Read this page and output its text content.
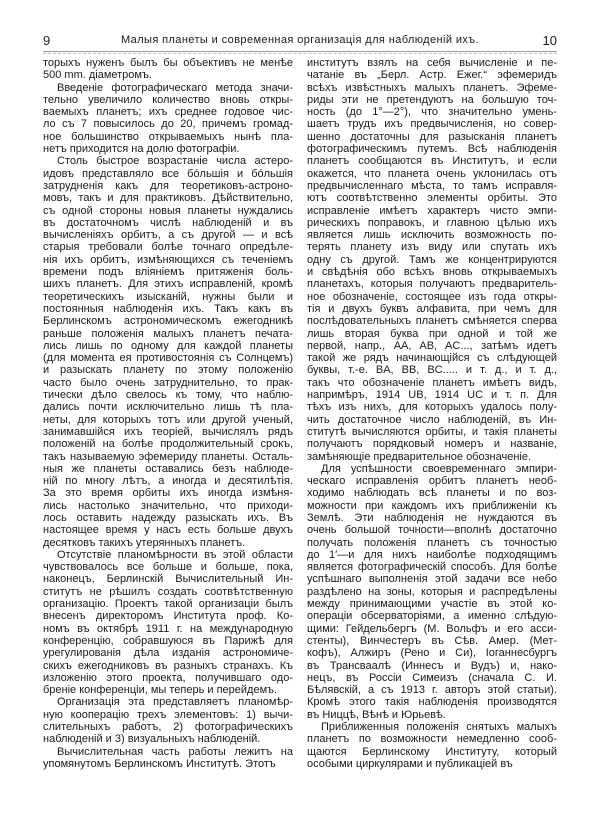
9	Малыя планеты и современная организація для наблюденій ихъ.	10
торыхъ нуженъ былъ бы объективъ не менѣе
500 mm. діаметромъ.
Введеніе фотографическаго метода значи-
тельно увеличило количество вновь откры-
ваемыхъ планетъ; ихъ среднее годовое чис-
ло съ 7 повысилось до 20, причемъ громад-
ное большинство открываемыхъ нынѣ пла-
нетъ приходится на долю фотографіи.
Столь быстрое возрастаніе числа астеро-
идовъ представляло все бóльшія и бóльшія
затрудненія какъ для теоретиковъ-астроно-
мовъ, такъ и для практиковъ. Дѣйствительно,
съ одной стороны новыя планеты нуждались
въ достаточномъ числѣ наблюденій и въ
вычисленіяхъ орбитъ, а съ другой — и всѣ
старыя требовали болѣе точнаго опредѣле-
нія ихъ орбитъ, измѣняющихся съ теченіемъ
времени подъ вліяніемъ притяженія боль-
шихъ планетъ. Для этихъ исправленій, кромѣ
теоретическихъ изысканій, нужны были и
постоянныя наблюденія ихъ. Такъ какъ въ
Берлинскомъ астрономическомъ ежегодникѣ
раньше положенія малыхъ планетъ печата-
лись лишь по одному для каждой планеты
(для момента ея противостоянія съ Солнцемъ)
и разыскать планету по этому положенію
часто было очень затруднительно, то прак-
тически дѣло свелось къ тому, что наблю-
дались почти исключительно лишь тѣ пла-
неты, для которыхъ тотъ или другой ученый,
занимавшійся ихъ теоріей, вычислялъ рядъ
положеній на болѣе продолжительный срокъ,
такъ называемую эфемериду планеты. Осталь-
ныя же планеты оставались безъ наблюде-
ній по многу лѣтъ, а иногда и десятилѣтія.
За это время орбиты ихъ иногда измѣня-
лись настолько значительно, что приходи-
лось оставить надежду разыскать ихъ. Въ
настоящее время у насъ есть больше двухъ
десятковъ такихъ утерянныхъ планетъ.
Отсутствіе планомѣрности въ этой области
чувствовалось все больше и больше, пока,
наконецъ, Берлинскій Вычислительный Ин-
ститутъ не рѣшилъ создать соотвѣтственную
организацію. Проектъ такой организаціи былъ
внесенъ директоромъ Института проф. Ко-
номъ въ октябрѣ 1911 г. на международную
конференцію, собравшуюся въ Парижѣ для
урегулированія дѣла изданія астрономиче-
скихъ ежегодниковъ въ разныхъ странахъ. Къ
изложенію этого проекта, получившаго одо-
бреніе конференціи, мы теперь и перейдемъ.
Организація эта представляетъ планомѣр-
ную кооперацію трехъ элементовъ: 1) вычи-
слительныхъ работъ, 2) фотографическихъ
наблюденій и 3) визуальныхъ наблюденій.
Вычислительная часть работы лежитъ на
упомянутомъ Берлинскомъ Институтѣ. Этотъ
институтъ взялъ на себя вычисленіе и пе-
чатаніе въ „Берл. Астр. Ежег.“ эфемеридъ
всѣхъ извѣстныхъ малыхъ планетъ. Эфеме-
риды эти не претендуютъ на большую точ-
ность (до 1°—2°), что значительно умень-
шаетъ трудъ ихъ предвычисленія, но совер-
шенно достаточны для разысканія планетъ
фотографическимъ путемъ. Всѣ наблюденія
планетъ сообщаются въ Институтъ, и если
окажется, что планета очень уклонилась отъ
предвычисленнаго мѣста, то тамъ исправля-
ютъ соотвѣтственно элементы орбиты. Это
исправленіе имѣетъ характеръ чисто эмпи-
рическихъ поправокъ, и главною цѣлью ихъ
является лишь исключить возможность по-
терять планету изъ виду или спутать ихъ
одну съ другой. Тамъ же концентрируются
и свѣдѣнія обо всѣхъ вновь открываемыхъ
планетахъ, которыя получаютъ предваритель-
ное обозначеніе, состоящее изъ года откры-
тія и двухъ буквъ алфавита, при чемъ для
послѣдовательныхъ планетъ смѣняется сперва
лишь вторая буква при одной и той же
первой, напр., AA, AB, AC..., затѣмъ идетъ
такой же рядъ начинающійся съ слѣдующей
буквы, т.-е. BA, BB, BC..... и т. д., и т. д.,
такъ что обозначеніе планетъ имѣетъ видъ,
напримѣръ, 1914 UB, 1914 UC и т. п. Для
тѣхъ изъ нихъ, для которыхъ удалось полу-
чить достаточное число наблюденій, въ Ин-
ститутѣ вычисляются орбиты, и такія планеты
получаютъ порядковый номеръ и названіе,
замѣняющіе предварительное обозначеніе.
Для успѣшности своевременнаго эмпири-
ческаго исправленія орбитъ планетъ необ-
ходимо наблюдать всѣ планеты и по воз-
можности при каждомъ ихъ приближеніи къ
Землѣ. Эти наблюденія не нуждаются въ
очень большой точности—вполнѣ достаточно
получать положенія планетъ съ точностью
до 1′—и для нихъ наиболѣе подходящимъ
является фотографическій способъ. Для болѣе
успѣшнаго выполненія этой задачи все небо
раздѣлено на зоны, которыя и распредѣлены
между принимающими участіе въ этой ко-
операціи обсерваторіями, а именно слѣдую-
щими: Гейдельбергъ (М. Вольфъ и его асси-
стенты), Винчестеръ въ Сѣв. Амер. (Мет-
кофъ), Алжиръ (Рено и Си), Іоганнесбургъ
въ Трансваалѣ (Иннесъ и Вудъ) и, нако-
нецъ, въ Россіи Симеизъ (сначала С. И.
Бѣлявскій, а съ 1913 г. авторъ этой статьи).
Кромѣ этого такія наблюденія производятся
въ Ниццѣ, Вѣнѣ и Юрьевѣ.
Приближенныя положенія снятыхъ малыхъ
планетъ по возможности немедленно сооб-
щаются Берлинскому Институту, который
особыми циркулярами и публикаціей въ
